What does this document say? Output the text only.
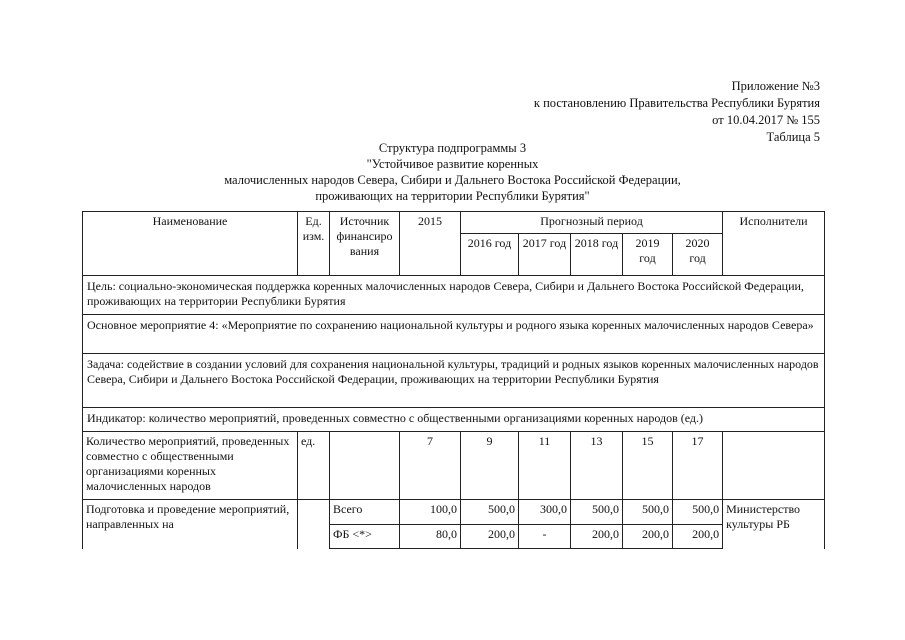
Приложение №3
к постановлению Правительства Республики Бурятия
от 10.04.2017 № 155
Таблица 5
Структура подпрограммы 3
"Устойчивое развитие коренных
малочисленных народов Севера, Сибири и Дальнего Востока Российской Федерации,
проживающих на территории Республики Бурятия"
Наименование	Ед. изм.	Источник финансиро вания	2015	Прогнозный период					Исполнители
				2016 год	2017 год	2018 год	2019 год	2020 год	
Цель: социально-экономическая поддержка коренных малочисленных народов Севера, Сибири и Дальнего Востока Российской Федерации, проживающих на территории Республики Бурятия									
Основное мероприятие 4: «Мероприятие по сохранению национальной культуры и родного языка коренных малочисленных народов Севера»									
Задача: содействие в создании условий для сохранения национальной культуры, традиций и родных языков коренных малочисленных народов Севера, Сибири и Дальнего Востока Российской Федерации, проживающих на территории Республики Бурятия									
Индикатор: количество мероприятий, проведенных совместно с общественными организациями коренных народов (ед.)									
Количество мероприятий, проведенных совместно с общественными организациями коренных малочисленных народов	ед.		7	9	11	13	15	17	
Подготовка и проведение мероприятий, направленных на		Всего	100,0	500,0	300,0	500,0	500,0	500,0	Министерство культуры РБ
		ФБ <*>	80,0	200,0	-	200,0	200,0	200,0	
